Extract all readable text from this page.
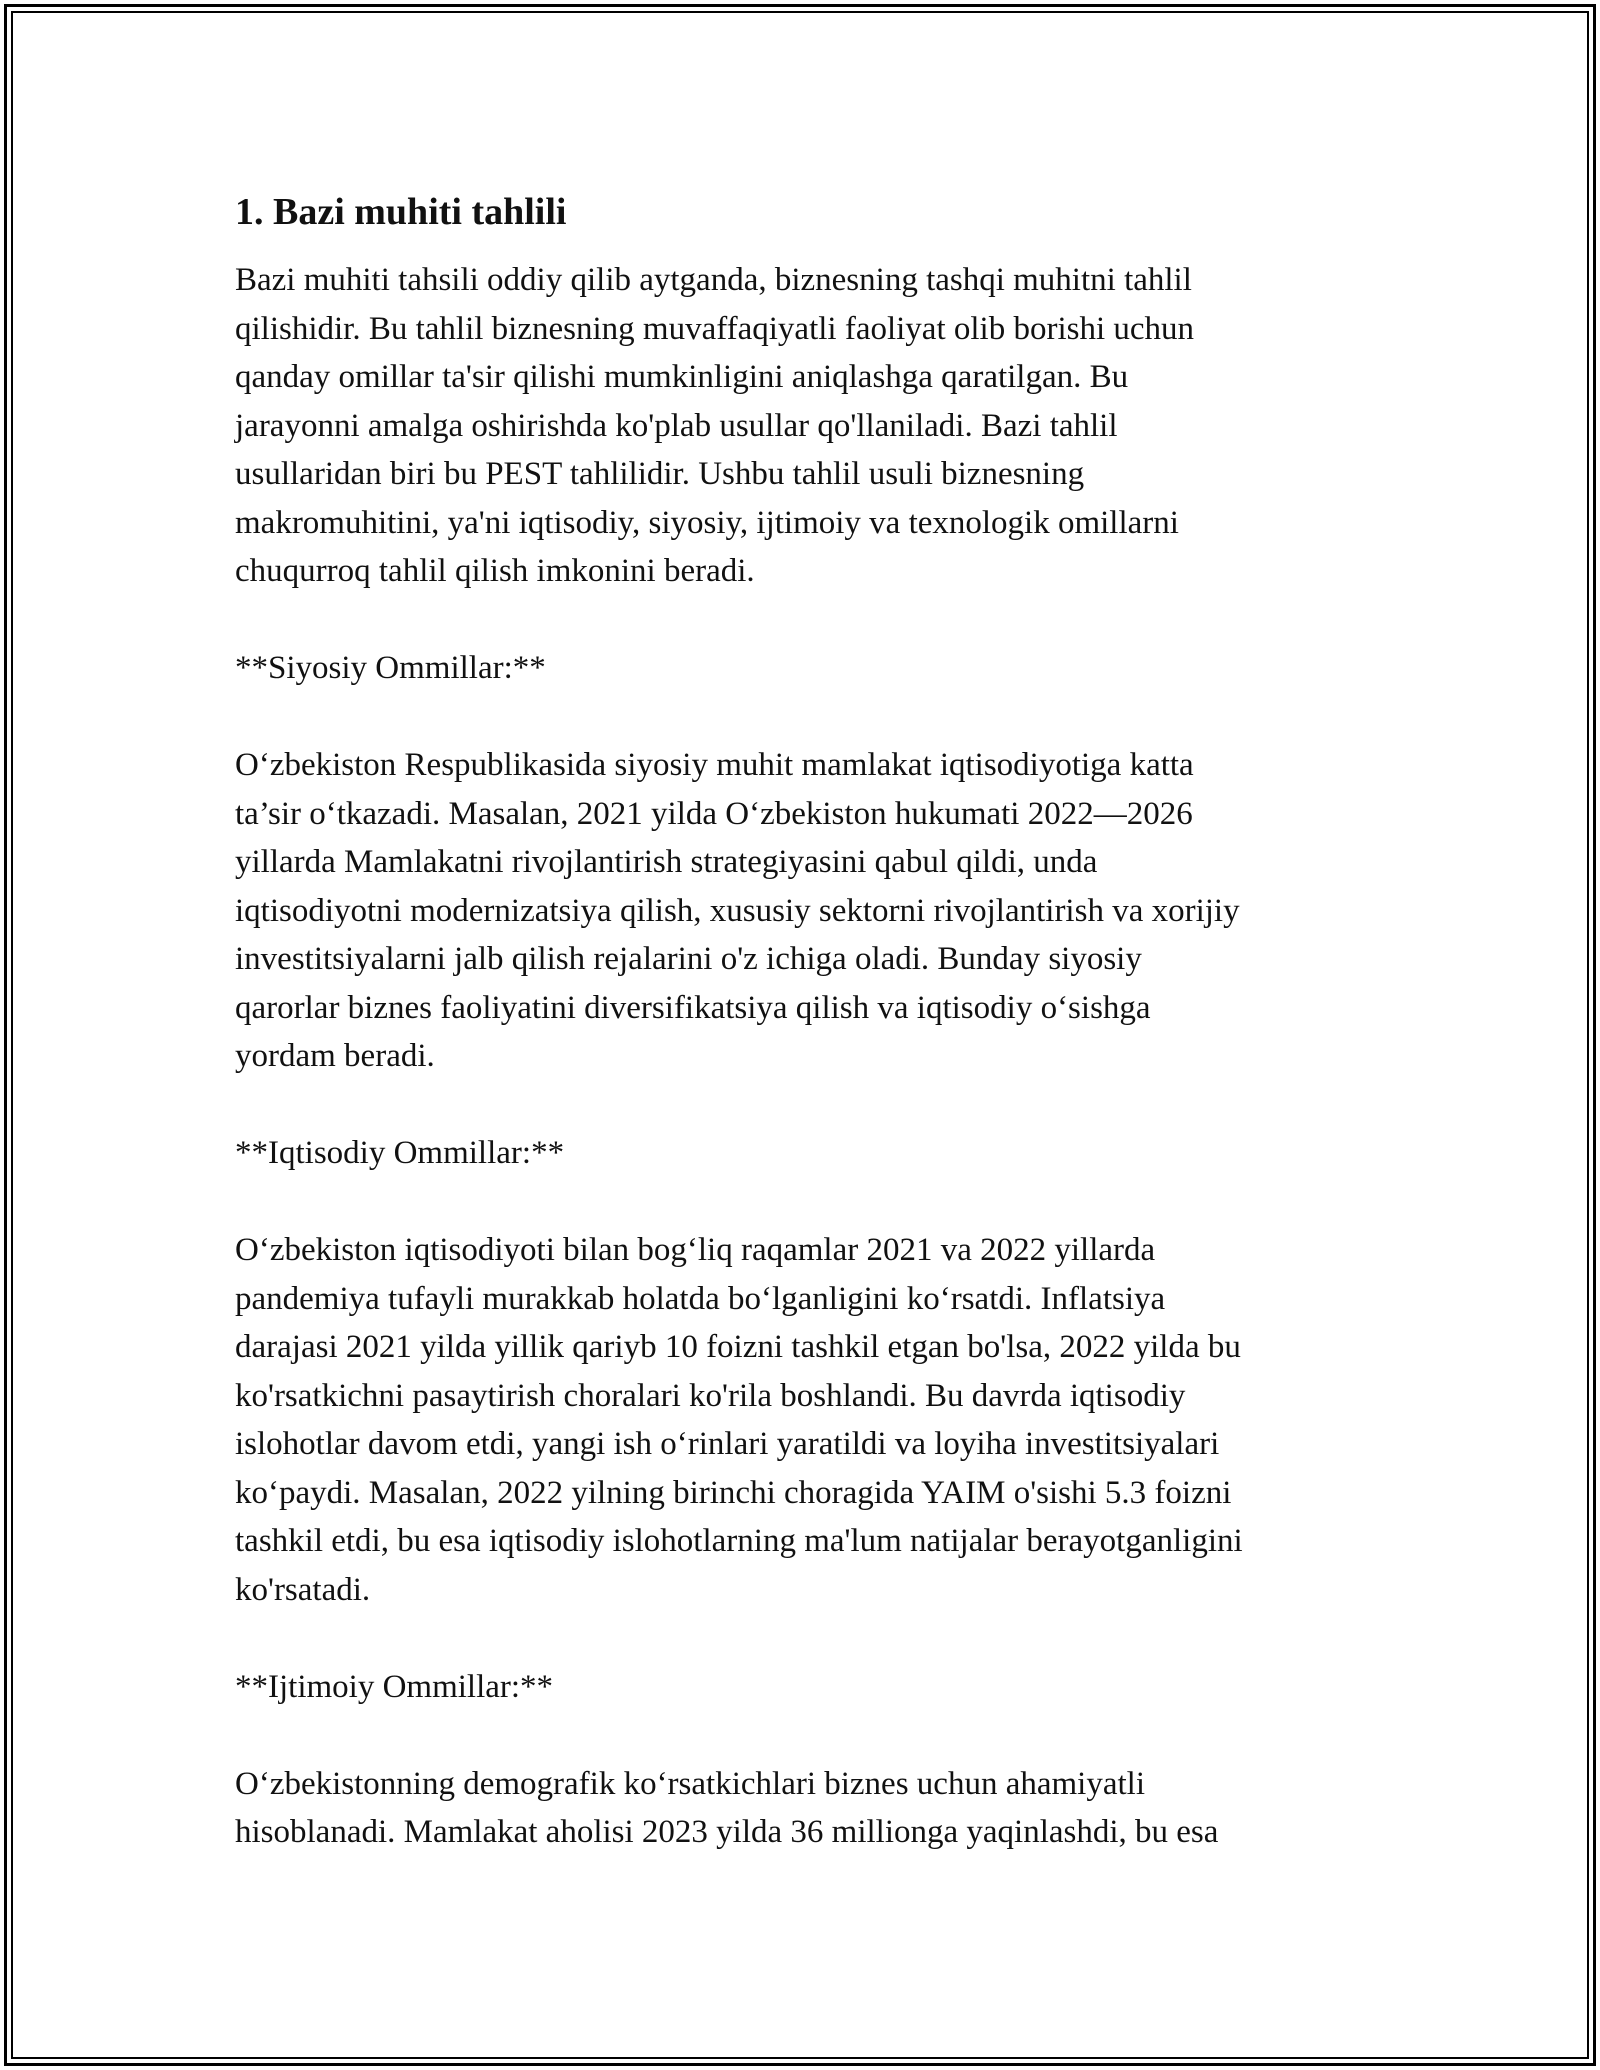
1. Bazi muhiti tahlili

Bazi muhiti tahsili oddiy qilib aytganda, biznesning tashqi muhitni tahlil
qilishidir. Bu tahlil biznesning muvaffaqiyatli faoliyat olib borishi uchun
qanday omillar ta'sir qilishi mumkinligini aniqlashga qaratilgan. Bu
jarayonni amalga oshirishda ko'plab usullar qo'llaniladi. Bazi tahlil
usullaridan biri bu PEST tahlilidir. Ushbu tahlil usuli biznesning
makromuhitini, ya'ni iqtisodiy, siyosiy, ijtimoiy va texnologik omillarni
chuqurroq tahlil qilish imkonini beradi.

**Siyosiy Ommillar:**

O‘zbekiston Respublikasida siyosiy muhit mamlakat iqtisodiyotiga katta
ta’sir o‘tkazadi. Masalan, 2021 yilda O‘zbekiston hukumati 2022—2026
yillarda Mamlakatni rivojlantirish strategiyasini qabul qildi, unda
iqtisodiyotni modernizatsiya qilish, xususiy sektorni rivojlantirish va xorijiy
investitsiyalarni jalb qilish rejalarini o'z ichiga oladi. Bunday siyosiy
qarorlar biznes faoliyatini diversifikatsiya qilish va iqtisodiy o‘sishga
yordam beradi.

**Iqtisodiy Ommillar:**

O‘zbekiston iqtisodiyoti bilan bog‘liq raqamlar 2021 va 2022 yillarda
pandemiya tufayli murakkab holatda bo‘lganligini ko‘rsatdi. Inflatsiya
darajasi 2021 yilda yillik qariyb 10 foizni tashkil etgan bo'lsa, 2022 yilda bu
ko'rsatkichni pasaytirish choralari ko'rila boshlandi. Bu davrda iqtisodiy
islohotlar davom etdi, yangi ish o‘rinlari yaratildi va loyiha investitsiyalari
ko‘paydi. Masalan, 2022 yilning birinchi choragida YAIM o'sishi 5.3 foizni
tashkil etdi, bu esa iqtisodiy islohotlarning ma'lum natijalar berayotganligini
ko'rsatadi.

**Ijtimoiy Ommillar:**

O‘zbekistonning demografik ko‘rsatkichlari biznes uchun ahamiyatli
hisoblanadi. Mamlakat aholisi 2023 yilda 36 millionga yaqinlashdi, bu esa
